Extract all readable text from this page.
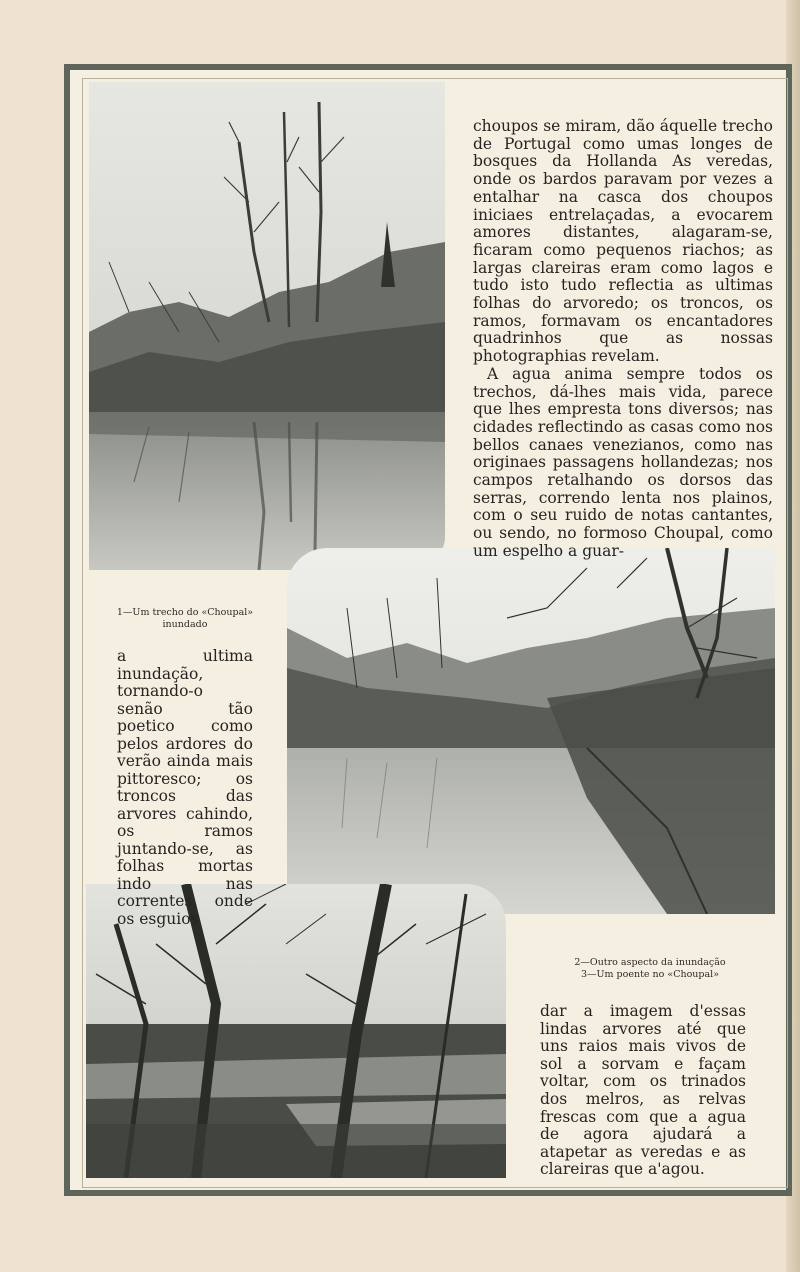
choupos se miram, dão áquelle trecho de Portugal como umas longes de bosques da Hollanda As veredas, onde os bardos paravam por vezes a entalhar na casca dos choupos iniciaes entrelaçadas, a evocarem amores distantes, alagaram-se, ficaram como pequenos riachos; as largas clareiras eram como lagos e tudo isto tudo reflectia as ultimas folhas do arvoredo; os troncos, os ramos, formavam os encantadores quadrinhos que as nossas photographias revelam.
A agua anima sempre todos os trechos, dá-lhes mais vida, parece que lhes empresta tons diversos; nas cidades reflectindo as casas como nos bellos canaes venezianos, como nas originaes passagens hollandezas; nos campos retalhando os dorsos das serras, correndo lenta nos plainos, com o seu ruido de notas cantantes, ou sendo, no formoso Choupal, como um espelho a guar-
1—Um trecho do «Choupal» inundado
a ultima inundação, tornando-o senão tão poetico como pelos ardores do verão ainda mais pittoresco; os troncos das arvores cahindo, os ramos juntando-se, as folhas mortas indo nas correntes, onde os esguios
2—Outro aspecto da inundação
3—Um poente no «Choupal»
dar a imagem d'essas lindas arvores até que uns raios mais vivos de sol a sorvam e façam voltar, com os trinados dos melros, as relvas frescas com que a agua de agora ajudará a atapetar as veredas e as clareiras que a'agou.
